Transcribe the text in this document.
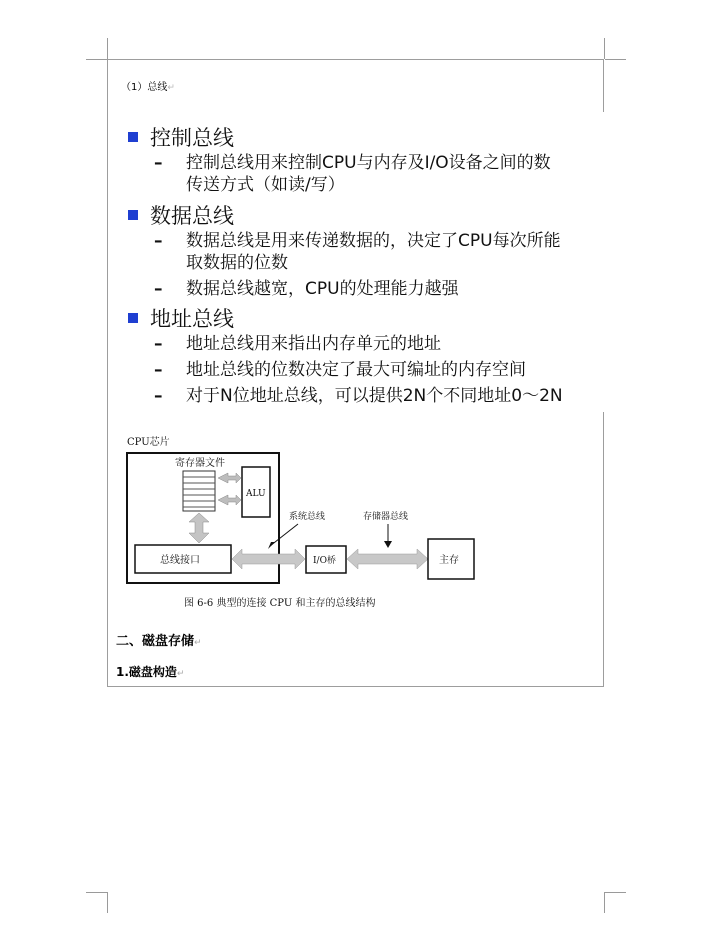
（1）总线↵
控制总线
–	控制总线用来控制CPU与内存及I/O设备之间的数
传送方式（如读/写）
数据总线
–	数据总线是用来传递数据的，决定了CPU每次所能
取数据的位数
–	数据总线越宽，CPU的处理能力越强
地址总线
–	地址总线用来指出内存单元的地址
–	地址总线的位数决定了最大可编址的内存空间
–	对于N位地址总线，可以提供2N个不同地址0～2N
CPU芯片
寄存器文件
ALU
总线接口
系统总线
I/O桥
存储器总线
主存
图 6-6 典型的连接 CPU 和主存的总线结构
二、磁盘存储↵
1.磁盘构造↵
